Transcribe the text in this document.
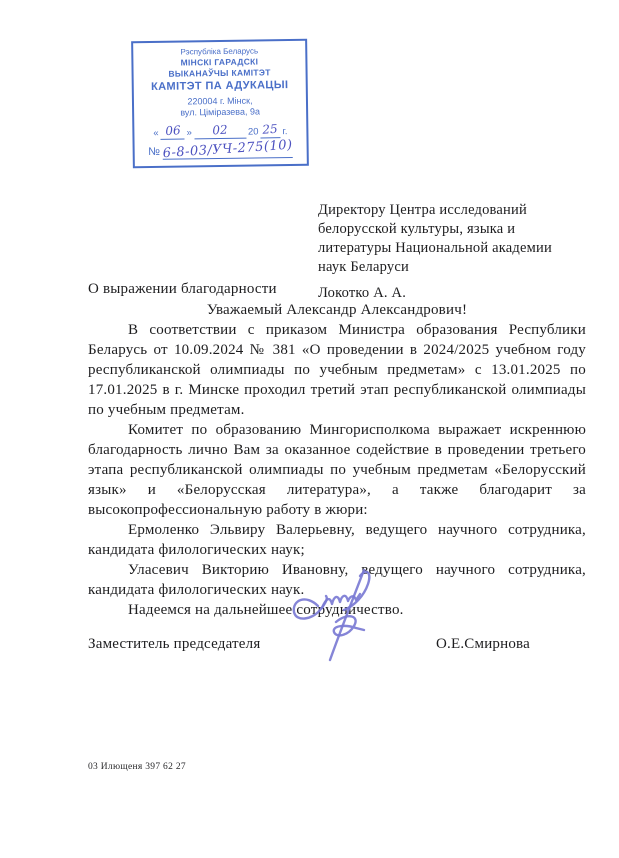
Рэспубліка Беларусь
МІНСКІ ГАРАДСКІ
ВЫКАНАЎЧЫ КАМІТЭТ
КАМІТЭТ ПА АДУКАЦЫІ
220004 г. Мінск,
вул. Ціміразева, 9а
« 06 »	02	20 25 г.
№ 6-8-03/УЧ-275(10)
Директору Центра исследований
белорусской культуры, языка и
литературы Национальной академии
наук Беларуси
Локотко А. А.
О выражении благодарности
Уважаемый Александр Александрович!

В соответствии с приказом Министра образования Республики Беларусь от 10.09.2024 № 381 «О проведении в 2024/2025 учебном году республиканской олимпиады по учебным предметам» с 13.01.2025 по 17.01.2025 в г. Минске проходил третий этап республиканской олимпиады по учебным предметам.

Комитет по образованию Мингорисполкома выражает искреннюю благодарность лично Вам за оказанное содействие в проведении третьего этапа республиканской олимпиады по учебным предметам «Белорусский язык» и «Белорусская литература», а также благодарит за высокопрофессиональную работу в жюри:

Ермоленко Эльвиру Валерьевну, ведущего научного сотрудника, кандидата филологических наук;

Уласевич Викторию Ивановну, ведущего научного сотрудника, кандидата филологических наук.

Надеемся на дальнейшее сотрудничество.

Заместитель председателя	О.Е.Смирнова
03 Илющеня 397 62 27
